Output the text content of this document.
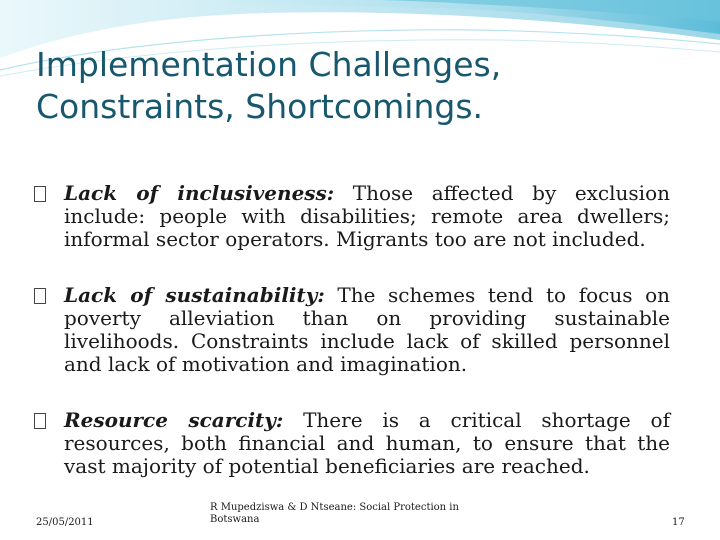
Implementation Challenges,
Constraints, Shortcomings.
Lack of inclusiveness: Those affected by exclusion include: people with disabilities; remote area dwellers; informal sector operators. Migrants too are not included.
Lack of sustainability: The schemes tend to focus on poverty alleviation than on providing sustainable livelihoods. Constraints include lack of skilled personnel and lack of motivation and imagination.
Resource scarcity: There is a critical shortage of resources, both financial and human, to ensure that the vast majority of potential beneficiaries are reached.
25/05/2011
R Mupedziswa & D Ntseane: Social Protection in
Botswana	17
